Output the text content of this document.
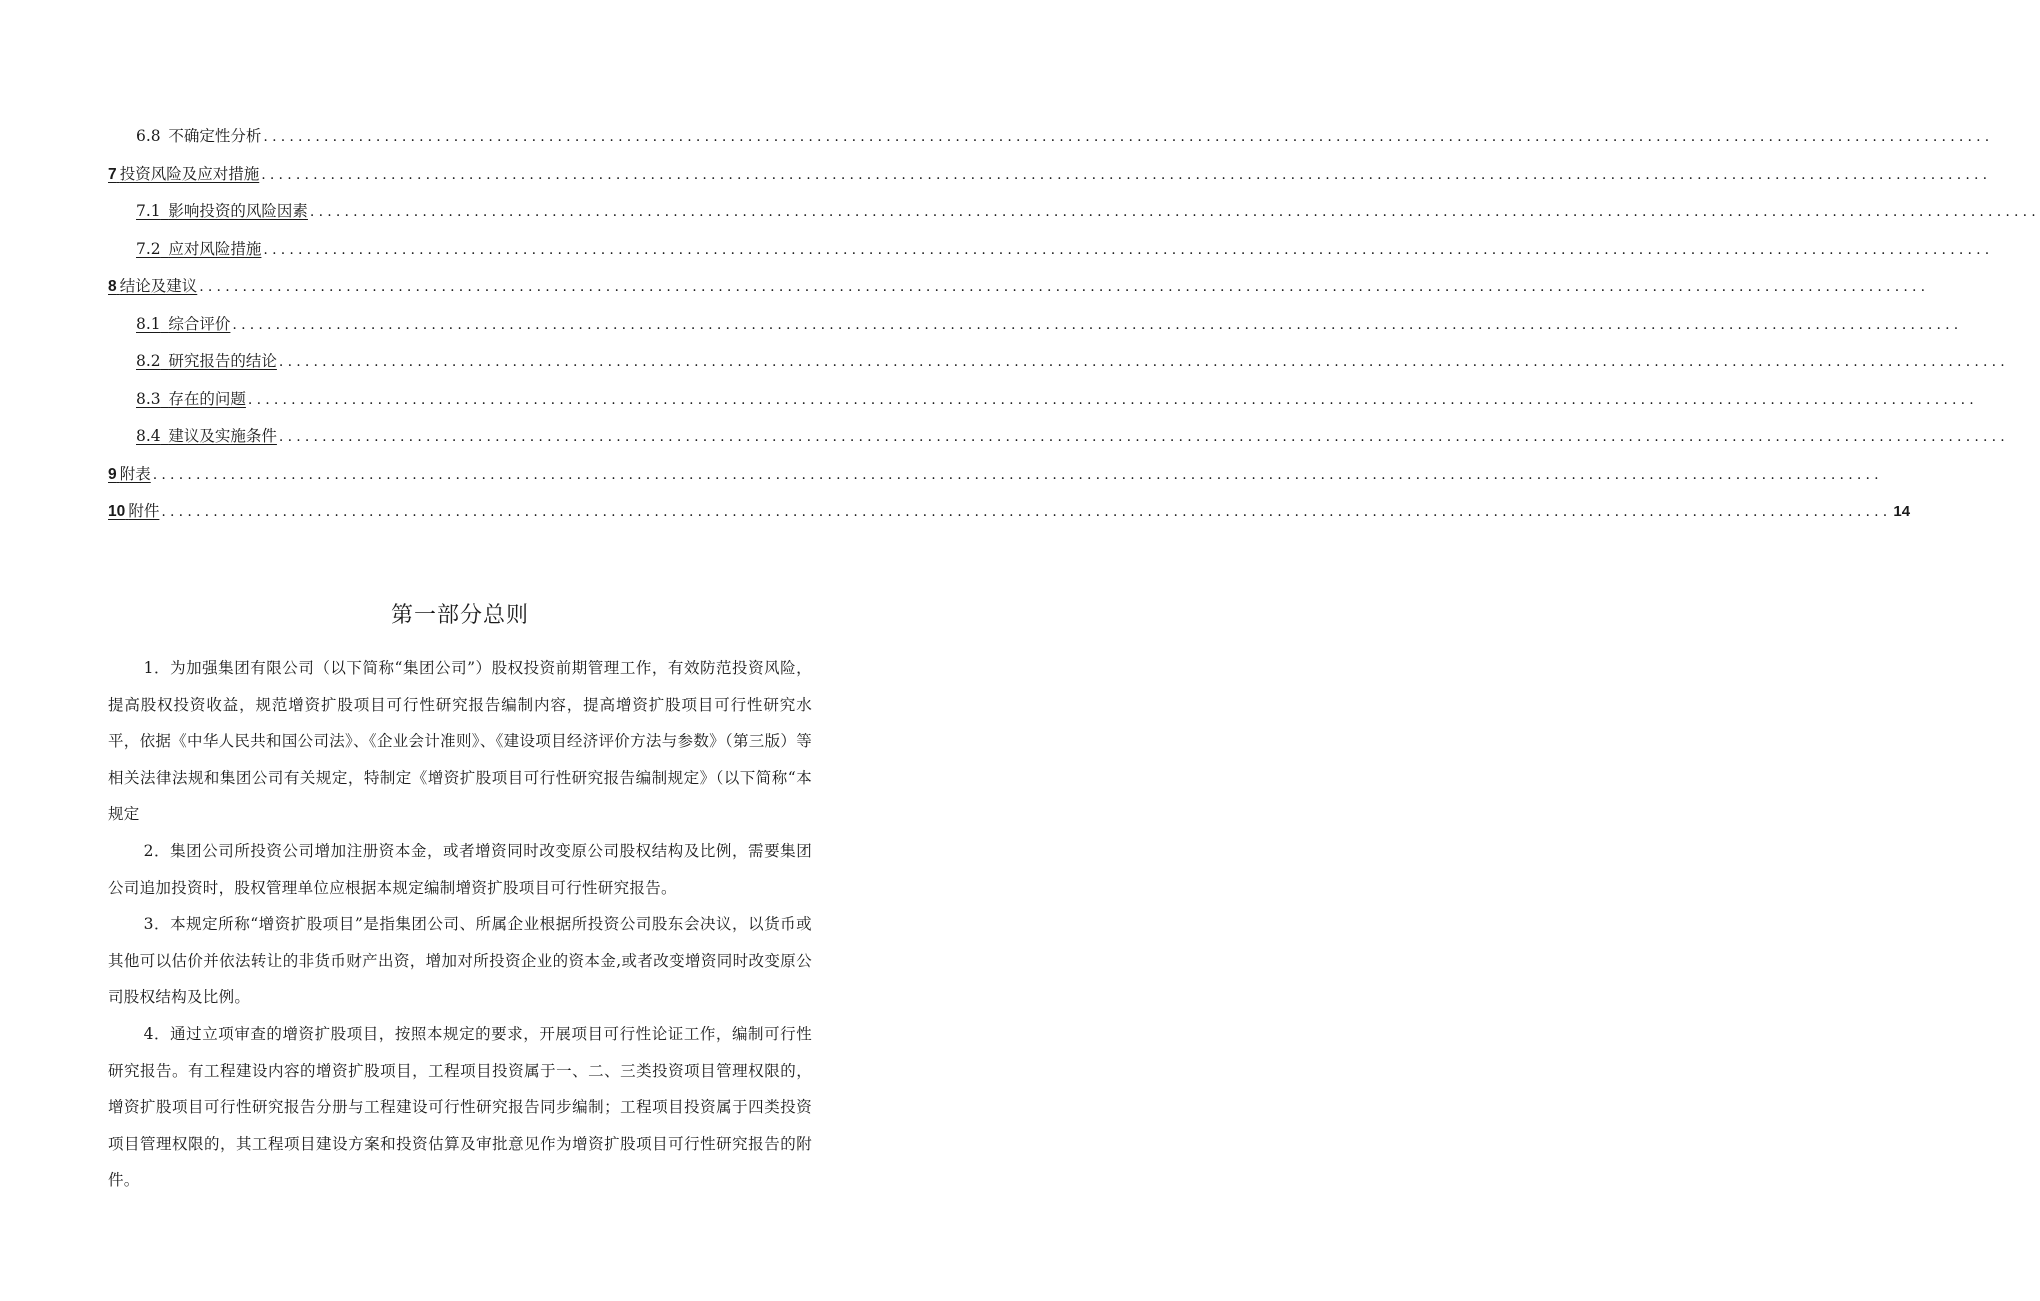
6.8  不确定性分析 ........................................................................................................................................................................................................
7  投资风险及应对措施 ........................................................................................................................................................................................................
7.1  影响投资的风险因素 ........................................................................................................................................................................................................
7.2  应对风险措施 ........................................................................................................................................................................................................
8  结论及建议 ........................................................................................................................................................................................................
8.1  综合评价 ........................................................................................................................................................................................................
8.2  研究报告的结论 ........................................................................................................................................................................................................
8.3  存在的问题 ........................................................................................................................................................................................................
8.4  建议及实施条件 ........................................................................................................................................................................................................
9  附表 ........................................................................................................................................................................................................
10  附件 ........................................................................................................................................................................................................ 14
第一部分总则

1．为加强集团有限公司（以下简称“集团公司”）股权投资前期管理工作，有效防范投资风险，提高股权投资收益，规范增资扩股项目可行性研究报告编制内容，提高增资扩股项目可行性研究水平，依据《中华人民共和国公司法》、《企业会计准则》、《建设项目经济评价方法与参数》（第三版）等相关法律法规和集团公司有关规定，特制定《增资扩股项目可行性研究报告编制规定》（以下简称“本规定

2．集团公司所投资公司增加注册资本金，或者增资同时改变原公司股权结构及比例，需要集团公司追加投资时，股权管理单位应根据本规定编制增资扩股项目可行性研究报告。

3．本规定所称“增资扩股项目”是指集团公司、所属企业根据所投资公司股东会决议，以货币或其他可以估价并依法转让的非货币财产出资，增加对所投资企业的资本金,或者改变增资同时改变原公司股权结构及比例。

4．通过立项审查的增资扩股项目，按照本规定的要求，开展项目可行性论证工作，编制可行性研究报告。有工程建设内容的增资扩股项目，工程项目投资属于一、二、三类投资项目管理权限的，增资扩股项目可行性研究报告分册与工程建设可行性研究报告同步编制；工程项目投资属于四类投资项目管理权限的，其工程项目建设方案和投资估算及审批意见作为增资扩股项目可行性研究报告的附件。
